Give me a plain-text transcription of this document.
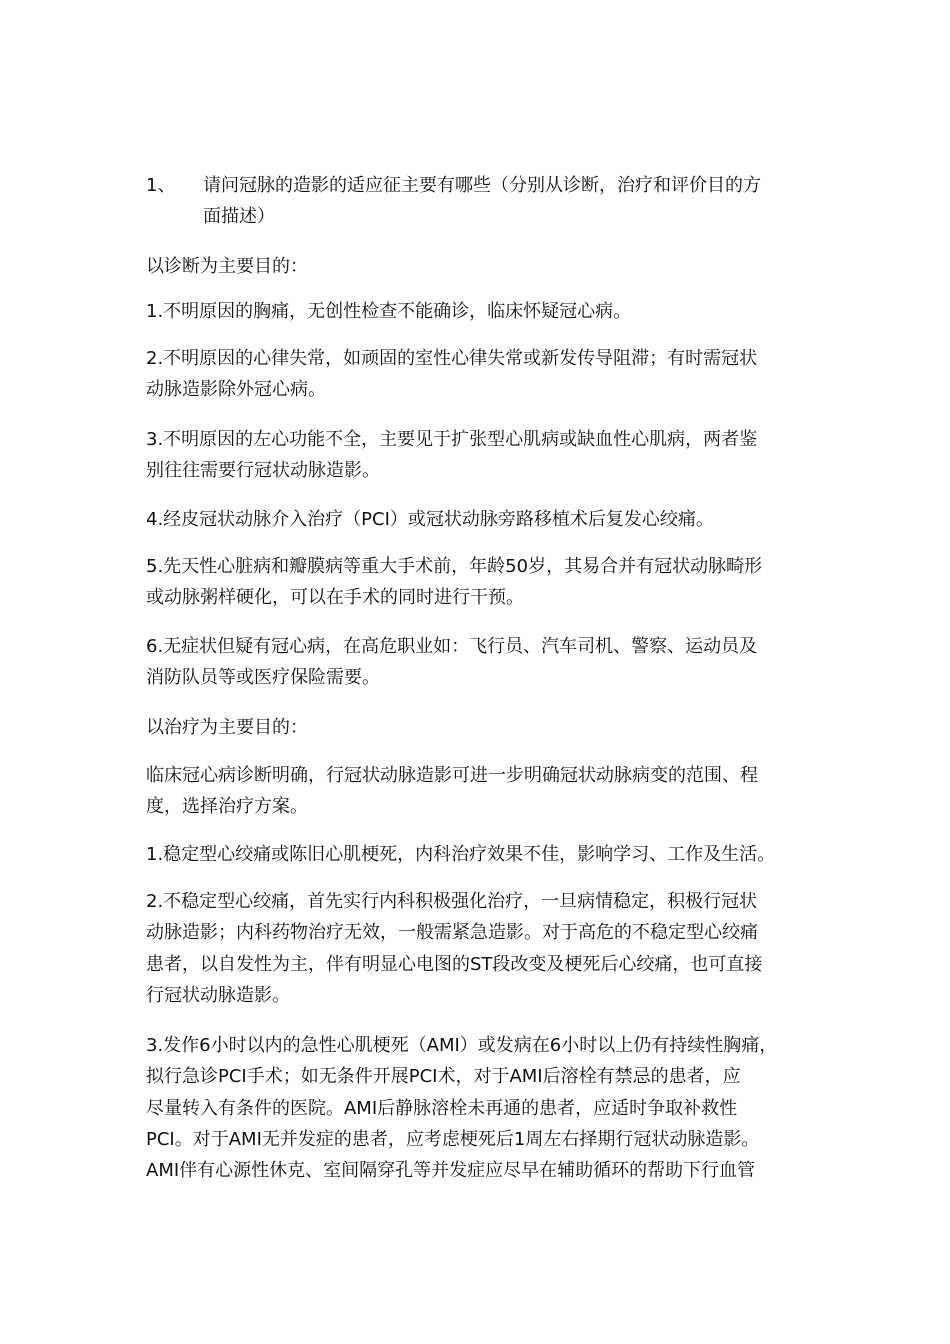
1、 请问冠脉的造影的适应征主要有哪些（分别从诊断，治疗和评价目的方

面描述）

以诊断为主要目的：

1.不明原因的胸痛，无创性检查不能确诊，临床怀疑冠心病。

2.不明原因的心律失常，如顽固的室性心律失常或新发传导阻滞；有时需冠状

动脉造影除外冠心病。

3.不明原因的左心功能不全，主要见于扩张型心肌病或缺血性心肌病，两者鉴

别往往需要行冠状动脉造影。

4.经皮冠状动脉介入治疗（PCI）或冠状动脉旁路移植术后复发心绞痛。

5.先天性心脏病和瓣膜病等重大手术前，年龄50岁，其易合并有冠状动脉畸形

或动脉粥样硬化，可以在手术的同时进行干预。

6.无症状但疑有冠心病，在高危职业如：飞行员、汽车司机、警察、运动员及

消防队员等或医疗保险需要。

以治疗为主要目的：

临床冠心病诊断明确，行冠状动脉造影可进一步明确冠状动脉病变的范围、程

度，选择治疗方案。

1.稳定型心绞痛或陈旧心肌梗死，内科治疗效果不佳，影响学习、工作及生活。

2.不稳定型心绞痛，首先实行内科积极强化治疗，一旦病情稳定，积极行冠状

动脉造影；内科药物治疗无效，一般需紧急造影。对于高危的不稳定型心绞痛

患者，以自发性为主，伴有明显心电图的ST段改变及梗死后心绞痛，也可直接

行冠状动脉造影。

3.发作6小时以内的急性心肌梗死（AMI）或发病在6小时以上仍有持续性胸痛，

拟行急诊PCI手术；如无条件开展PCI术，对于AMI后溶栓有禁忌的患者，应

尽量转入有条件的医院。AMI后静脉溶栓未再通的患者，应适时争取补救性

PCI。对于AMI无并发症的患者，应考虑梗死后1周左右择期行冠状动脉造影。

AMI伴有心源性休克、室间隔穿孔等并发症应尽早在辅助循环的帮助下行血管
